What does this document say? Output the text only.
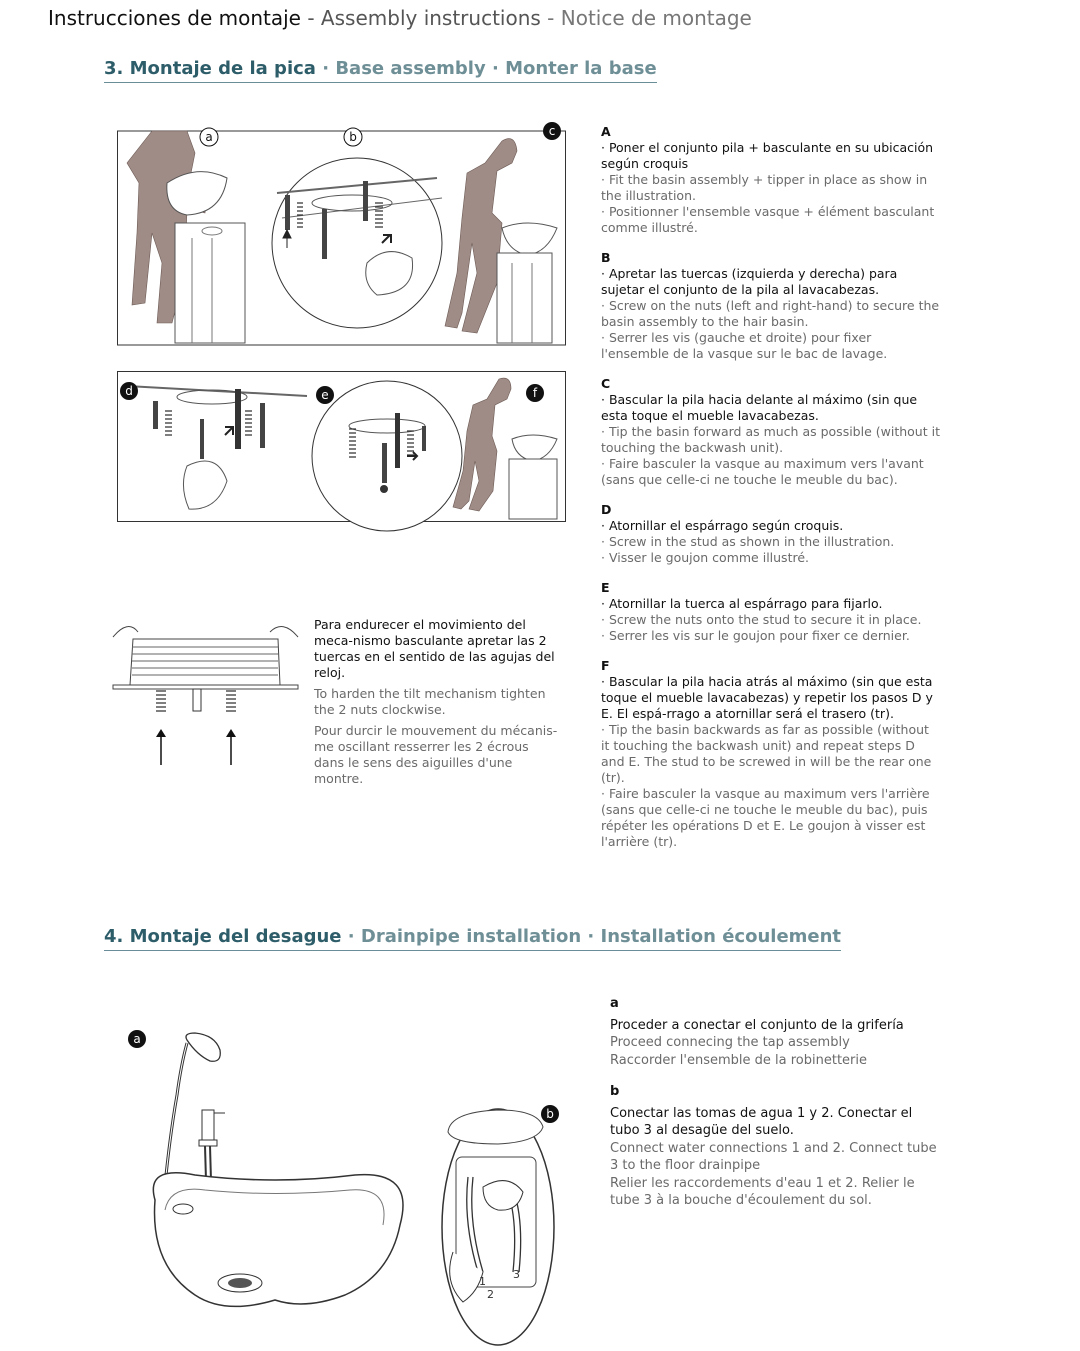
Instrucciones de montaje - Assembly instructions - Notice de montage
3. Montaje de la pica · Base assembly · Monter la base
a	b	c
d	e	f
Para endurecer el movimiento del meca-nismo basculante apretar las 2 tuercas en el sentido de las agujas del reloj.
To harden the tilt mechanism tighten the 2 nuts clockwise.
Pour durcir le mouvement du mécanis-me oscillant resserrer les 2 écrous dans le sens des aiguilles d'une montre.

A

· Poner el conjunto pila + basculante en su ubicación según croquis

· Fit the basin assembly + tipper in place as show in the illustration.

· Positionner l'ensemble vasque + élément basculant comme illustré.

B

· Apretar las tuercas (izquierda y derecha) para sujetar el conjunto de la pila al lavacabezas.

· Screw on the nuts (left and right-hand) to secure the basin assembly to the hair basin.

· Serrer les vis (gauche et droite) pour fixer l'ensemble de la vasque sur le bac de lavage.

C

· Bascular la pila hacia delante al máximo (sin que esta toque el mueble lavacabezas.

· Tip the basin forward as much as possible (without it touching the backwash unit).

· Faire basculer la vasque au maximum vers l'avant (sans que celle-ci ne touche le meuble du bac).

D

· Atornillar el espárrago según croquis.

· Screw in the stud as shown in the illustration.

· Visser le goujon comme illustré.

E

· Atornillar la tuerca al espárrago para fijarlo.

· Screw the nuts onto the stud to secure it in place.

· Serrer les vis sur le goujon pour fixer ce dernier.

F

· Bascular la pila hacia atrás al máximo (sin que esta toque el mueble lavacabezas) y repetir los pasos D y E. El espá-rrago a atornillar será el trasero (tr).

· Tip the basin backwards as far as possible (without it touching the backwash unit) and repeat steps D and E. The stud to be screwed in will be the rear one (tr).

· Faire basculer la vasque au maximum vers l'arrière (sans que celle-ci ne touche le meuble du bac), puis répéter les opérations D et E. Le goujon à visser est l'arrière (tr).

4. Montaje del desague · Drainpipe installation · Installation écoulement
a
1
2
3
b
a
Proceder a conectar el conjunto de la grifería
Proceed connecing the tap assembly
Raccorder l'ensemble de la robinetterie
b
Conectar las tomas de agua 1 y 2. Conectar el tubo 3 al desagüe del suelo.
Connect water connections 1 and 2. Connect tube 3 to the floor drainpipe
Relier les raccordements d'eau 1 et 2. Relier le tube 3 à la bouche d'écoulement du sol.
